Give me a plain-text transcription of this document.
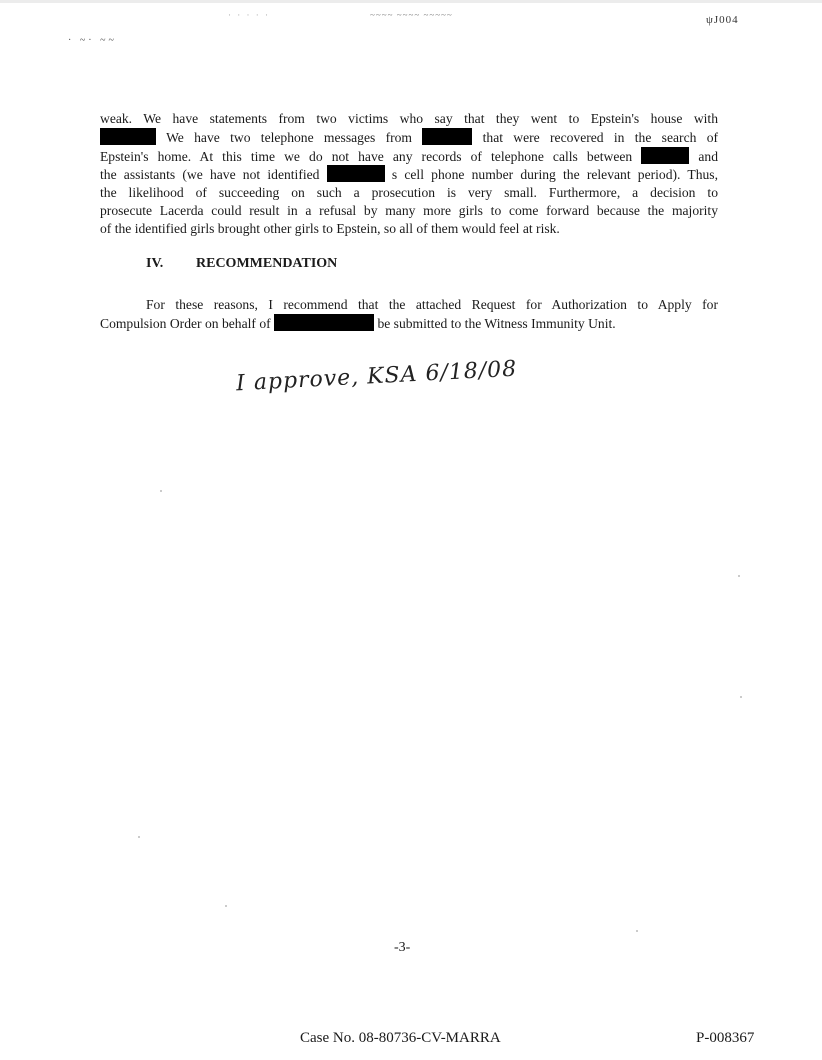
· · · · ·	~~~~ ~~~~ ~~~~~	ψJ004
· ~· ~~
weak. We have statements from two victims who say that they went to Epstein's house with
We have two telephone messages from	that were recovered in the search of
Epstein's home. At this time we do not have any records of telephone calls between	and
the assistants (we have not identified	s cell phone number during the relevant period). Thus,
the likelihood of succeeding on such a prosecution is very small. Furthermore, a decision to
prosecute Lacerda could result in a refusal by many more girls to come forward because the majority
of the identified girls brought other girls to Epstein, so all of them would feel at risk.
IV. RECOMMENDATION
For these reasons, I recommend that the attached Request for Authorization to Apply for
Compulsion Order on behalf of	be submitted to the Witness Immunity Unit.
I approve, KSA 6/18/08
-3-
Case No. 08-80736-CV-MARRA	P-008367
